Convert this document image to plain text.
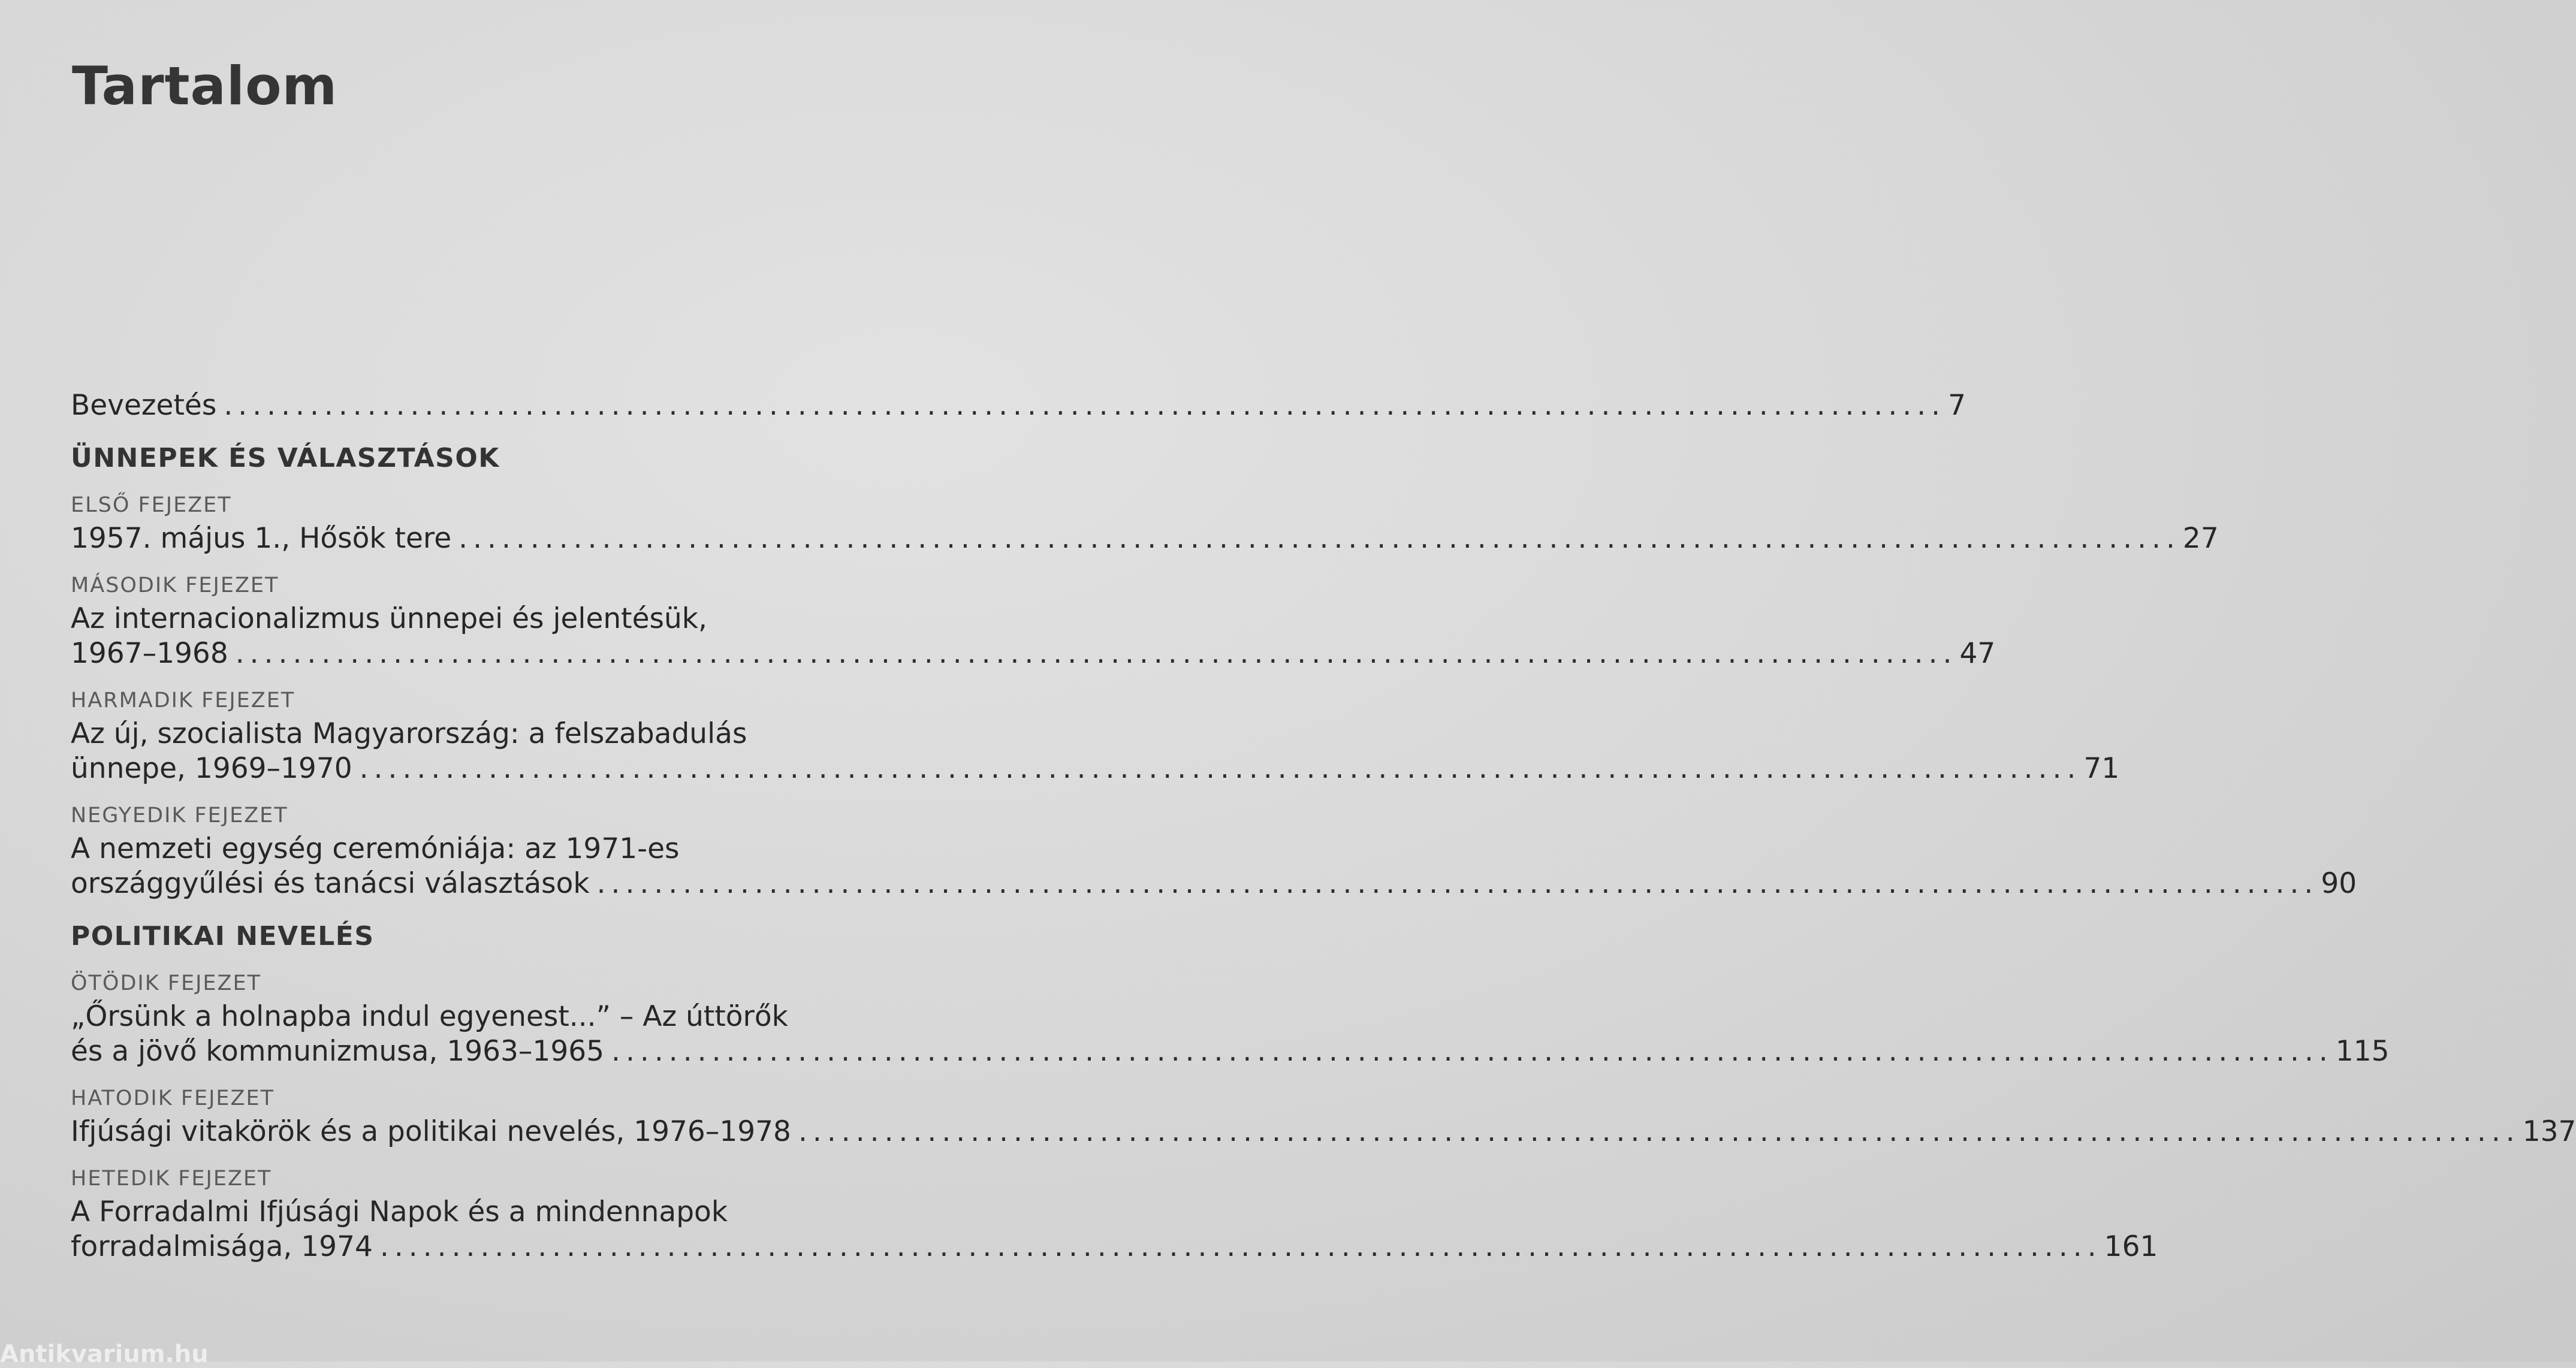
Tartalom
Bevezetés ........................................................................................................................ 7
ÜNNEPEK ÉS VÁLASZTÁSOK
ELSŐ FEJEZET
1957. május 1., Hősök tere ........................................................................................................................ 27
MÁSODIK FEJEZET
Az internacionalizmus ünnepei és jelentésük,
1967–1968 ........................................................................................................................ 47
HARMADIK FEJEZET
Az új, szocialista Magyarország: a felszabadulás
ünnepe, 1969–1970 ........................................................................................................................ 71
NEGYEDIK FEJEZET
A nemzeti egység ceremóniája: az 1971-es
országgyűlési és tanácsi választások ........................................................................................................................ 90
POLITIKAI NEVELÉS
ÖTÖDIK FEJEZET
„Őrsünk a holnapba indul egyenest...” – Az úttörők
és a jövő kommunizmusa, 1963–1965 ........................................................................................................................ 115
HATODIK FEJEZET
Ifjúsági vitakörök és a politikai nevelés, 1976–1978 ........................................................................................................................ 137
HETEDIK FEJEZET
A Forradalmi Ifjúsági Napok és a mindennapok
forradalmisága, 1974 ........................................................................................................................ 161
Antikvarium.hu
